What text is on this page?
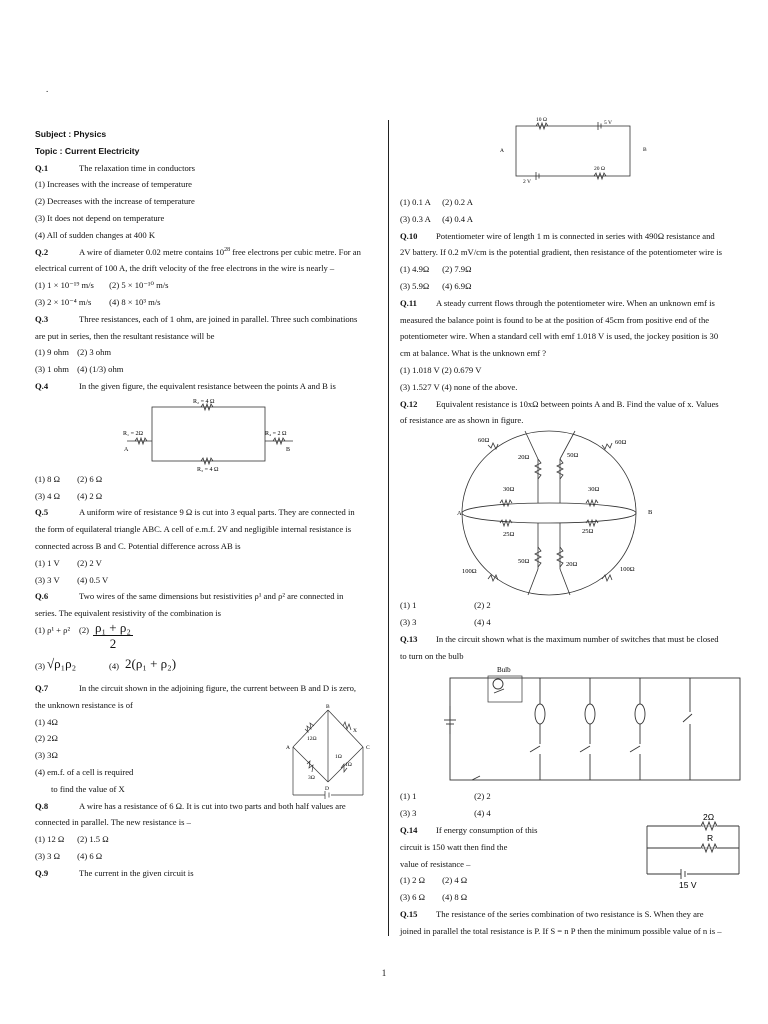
.
Subject : Physics
Topic : Current Electricity
Q.1	The relaxation time in conductors
(1) Increases with the increase of temperature
(2) Decreases with the increase of temperature
(3) It does not depend on temperature
(4) All of sudden changes at 400 K
Q.2	A wire of diameter 0.02 metre contains $10^{28}$ free electrons per cubic metre. For an
electrical current of 100 A, the drift velocity of the free electrons in the wire is nearly –
(1) 1 × 10⁻¹⁹ m/s (2) 5 × 10⁻¹⁰ m/s
(3) 2 × 10⁻⁴ m/s (4) 8 × 10³ m/s
Q.3	Three resistances, each of 1 ohm, are joined in parallel. Three such combinations
are put in series, then the resultant resistance will be
(1) 9 ohm (2) 3 ohm
(3) 1 ohm (4) (1/3) ohm
Q.4	In the given figure, the equivalent resistance between the points A and B is
R₂ = 4 Ω
R₁ = 2Ω
A
R₄ = 2 Ω
B
R₃ = 4 Ω
(1) 8 Ω (2) 6 Ω
(3) 4 Ω (4) 2 Ω
Q.5	A uniform wire of resistance 9 Ω is cut into 3 equal parts. They are connected in
the form of equilateral triangle ABC. A cell of e.m.f. 2V and negligible internal resistance is
connected across B and C. Potential difference across AB is
(1) 1 V (2) 2 V
(3) 3 V (4) 0.5 V
Q.6	Two wires of the same dimensions but resistivities ρ¹ and ρ² are connected in
series. The equivalent resistivity of the combination is
(1) ρ¹ + ρ² (2) ρ₁ + ρ₂
2
(3) √ρ₁ρ₂	(4) 2(ρ₁ + ρ₂)
Q.7	In the circuit shown in the adjoining figure, the current between B and D is zero,
the unknown resistance is of
(1) 4Ω
(2) 2Ω
(3) 3Ω
(4) em.f. of a cell is required
to find the value of X
B
A	C
D
X
12Ω
1Ω
1Ω
3Ω
Q.8	A wire has a resistance of 6 Ω. It is cut into two parts and both half values are
connected in parallel. The new resistance is –
(1) 12 Ω (2) 1.5 Ω
(3) 3 Ω (4) 6 Ω
Q.9	The current in the given circuit is
10 Ω	5 V
A	B
20 Ω
2 V
(1) 0.1 A (2) 0.2 A
(3) 0.3 A (4) 0.4 A
Q.10	Potentiometer wire of length 1 m is connected in series with 490Ω resistance and
2V battery. If 0.2 mV/cm is the potential gradient, then resistance of the potentiometer wire is
(1) 4.9Ω (2) 7.9Ω
(3) 5.9Ω (4) 6.9Ω
Q.11	A steady current flows through the potentiometer wire. When an unknown emf is
measured the balance point is found to be at the position of 45cm from positive end of the
potentiometer wire. When a standard cell with emf 1.018 V is used, the jockey position is 30
cm at balance. What is the unknown emf ?
(1) 1.018 V (2) 0.679 V
(3) 1.527 V (4) none of the above.
Q.12	Equivalent resistance is 10xΩ between points A and B. Find the value of x. Values
of resistance are as shown in figure.
60Ω	60Ω
20Ω	50Ω
30Ω	30Ω
A	B
25Ω	25Ω
50Ω	20Ω
100Ω	100Ω
(1) 1	(2) 2
(3) 3	(4) 4
Q.13	In the circuit shown what is the maximum number of switches that must be closed
to turn on the bulb
Bulb
(1) 1	(2) 2
(3) 3	(4) 4
Q.14	If energy consumption of this
circuit is 150 watt then find the
value of resistance –
(1) 2 Ω (2) 4 Ω
(3) 6 Ω (4) 8 Ω
2Ω
R
15 V
Q.15	The resistance of the series combination of two resistance is S. When they are
joined in parallel the total resistance is P. If S = n P then the minimum possible value of n is –
1
